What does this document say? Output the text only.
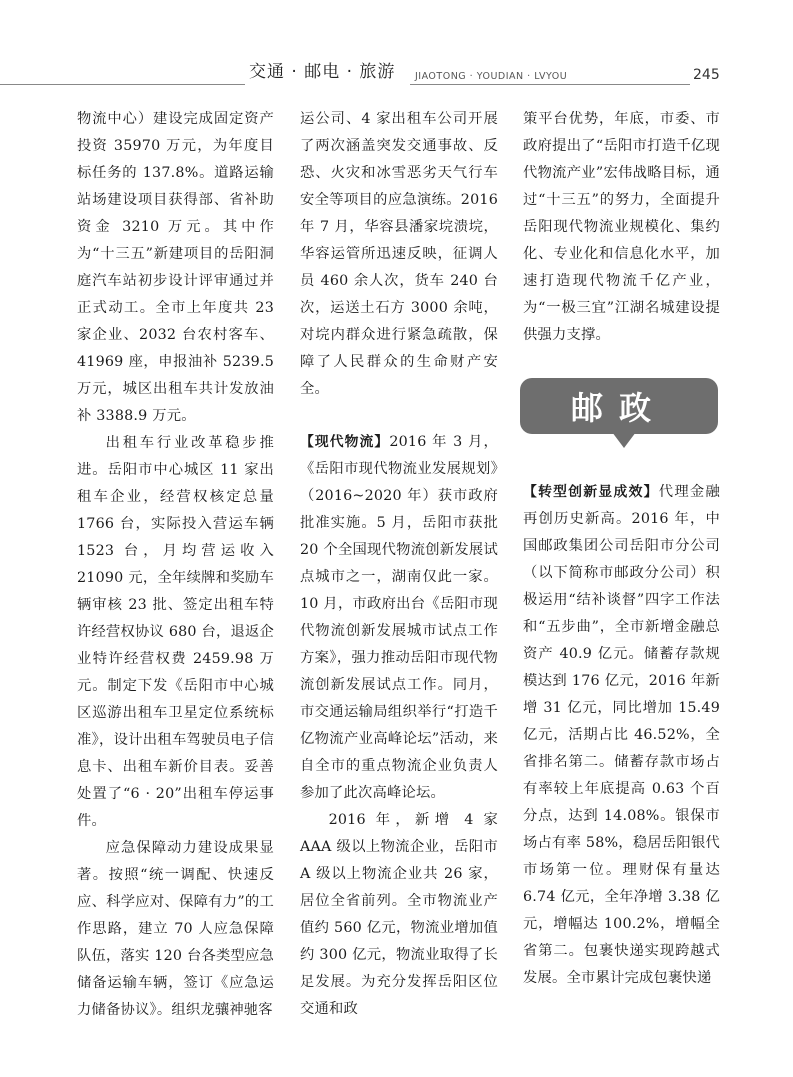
交通 · 邮电 · 旅游 JIAOTONG · YOUDIAN · LVYOU	245

物流中心）建设完成固定资产投资 35970 万元，为年度目标任务的 137.8%。道路运输站场建设项目获得部、省补助资金 3210 万元。其中作为“十三五”新建项目的岳阳洞庭汽车站初步设计评审通过并正式动工。全市上年度共 23 家企业、2032 台农村客车、41969 座，申报油补 5239.5 万元，城区出租车共计发放油补 3388.9 万元。

出租车行业改革稳步推进。岳阳市中心城区 11 家出租车企业，经营权核定总量 1766 台，实际投入营运车辆 1523 台，月均营运收入 21090 元，全年续牌和奖励车辆审核 23 批、签定出租车特许经营权协议 680 台，退返企业特许经营权费 2459.98 万元。制定下发《岳阳市中心城区巡游出租车卫星定位系统标准》，设计出租车驾驶员电子信息卡、出租车新价目表。妥善处置了“6 · 20”出租车停运事件。

应急保障动力建设成果显著。按照“统一调配、快速反应、科学应对、保障有力”的工作思路，建立 70 人应急保障队伍，落实 120 台各类型应急储备运输车辆，签订《应急运力储备协议》。组织龙骧神驰客

运公司、4 家出租车公司开展了两次涵盖突发交通事故、反恐、火灾和冰雪恶劣天气行车安全等项目的应急演练。2016 年 7 月，华容县潘家垸溃垸，华容运管所迅速反映，征调人员 460 余人次，货车 240 台次，运送土石方 3000 余吨，对垸内群众进行紧急疏散，保障了人民群众的生命财产安全。

【现代物流】2016 年 3 月，《岳阳市现代物流业发展规划》（2016~2020 年）获市政府批准实施。5 月，岳阳市获批 20 个全国现代物流创新发展试点城市之一，湖南仅此一家。10 月，市政府出台《岳阳市现代物流创新发展城市试点工作方案》，强力推动岳阳市现代物流创新发展试点工作。同月，市交通运输局组织举行“打造千亿物流产业高峰论坛”活动，来自全市的重点物流企业负责人参加了此次高峰论坛。

2016 年，新增 4 家 AAA 级以上物流企业，岳阳市 A 级以上物流企业共 26 家，居位全省前列。全市物流业产值约 560 亿元，物流业增加值约 300 亿元，物流业取得了长足发展。为充分发挥岳阳区位交通和政

策平台优势，年底，市委、市政府提出了“岳阳市打造千亿现代物流产业”宏伟战略目标，通过“十三五”的努力，全面提升岳阳现代物流业规模化、集约化、专业化和信息化水平，加速打造现代物流千亿产业，为“一极三宜”江湖名城建设提供强力支撑。

【转型创新显成效】代理金融再创历史新高。2016 年，中国邮政集团公司岳阳市分公司（以下简称市邮政分公司）积极运用“结补谈督”四字工作法和“五步曲”，全市新增金融总资产 40.9 亿元。储蓄存款规模达到 176 亿元，2016 年新增 31 亿元，同比增加 15.49 亿元，活期占比 46.52%，全省排名第二。储蓄存款市场占有率较上年底提高 0.63 个百分点，达到 14.08%。银保市场占有率 58%，稳居岳阳银代市场第一位。理财保有量达 6.74 亿元，全年净增 3.38 亿元，增幅达 100.2%，增幅全省第二。包裹快递实现跨越式发展。全市累计完成包裹快递

邮政
